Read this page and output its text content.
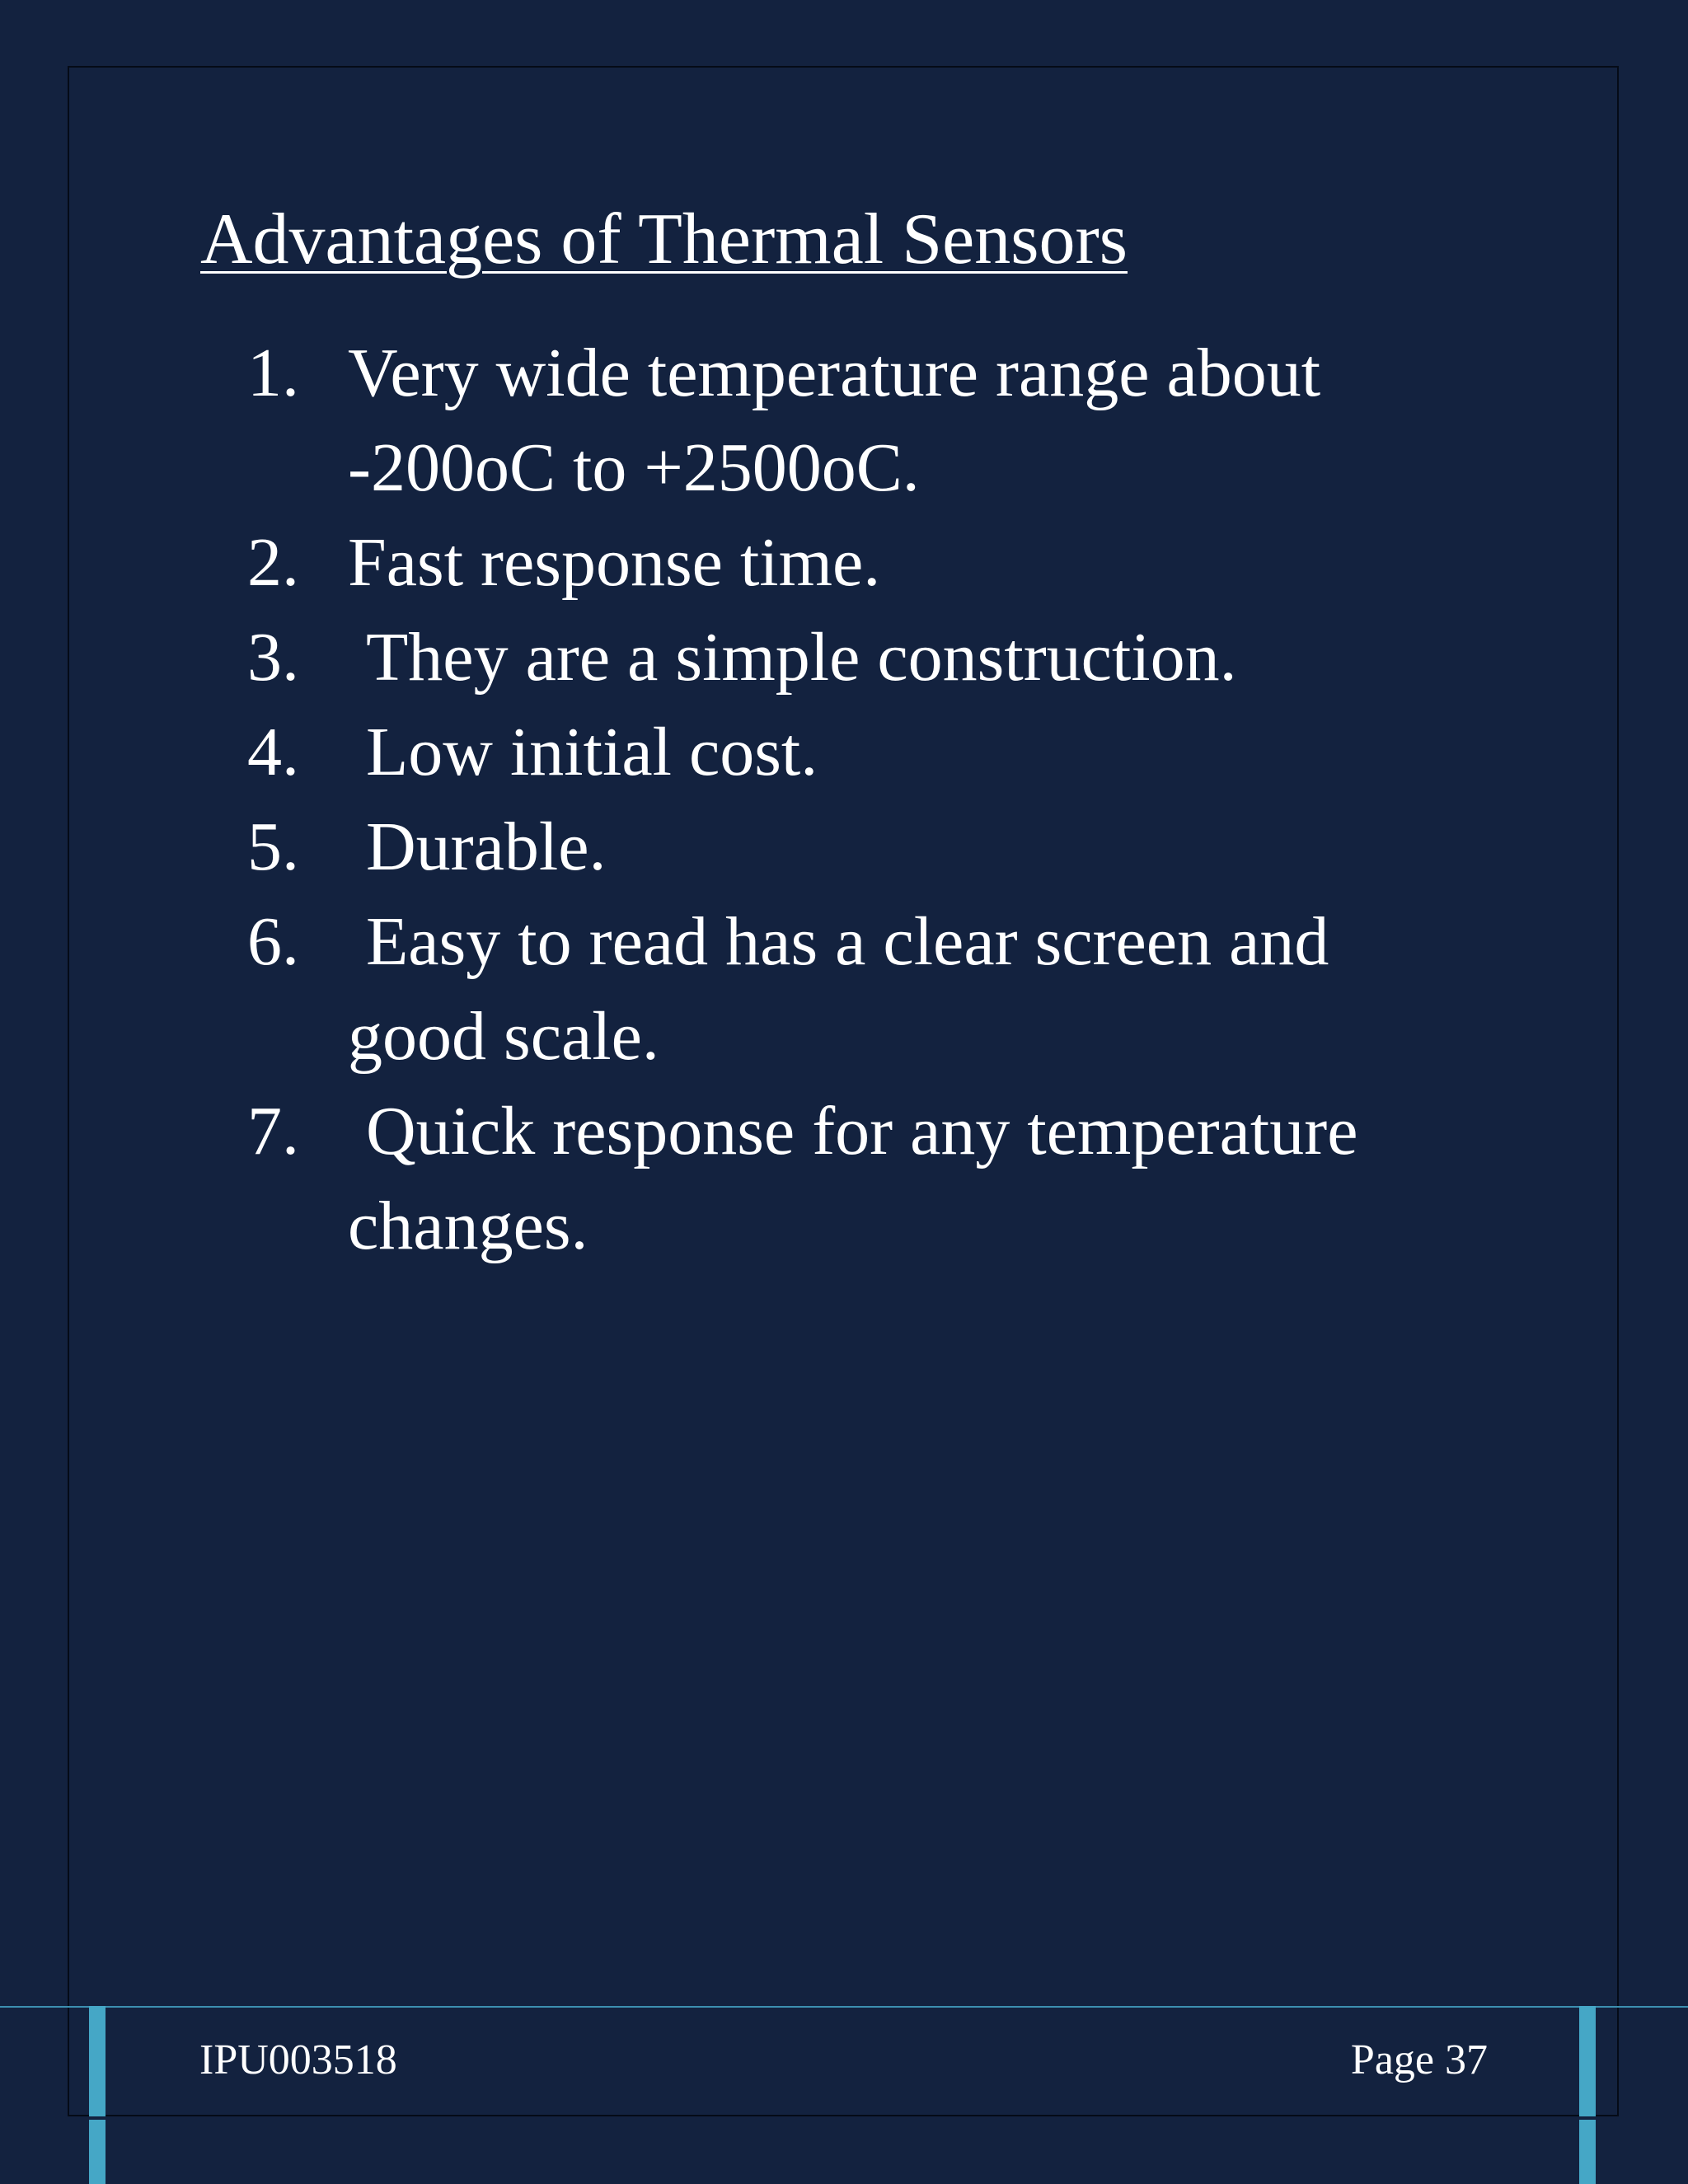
Advantages of Thermal Sensors
1. Very wide temperature range about -200oC to +2500oC.
2. Fast response time.
3. They are a simple construction.
4. Low initial cost.
5. Durable.
6. Easy to read has a clear screen and good scale.
7. Quick response for any temperature changes.
IPU003518	Page 37
